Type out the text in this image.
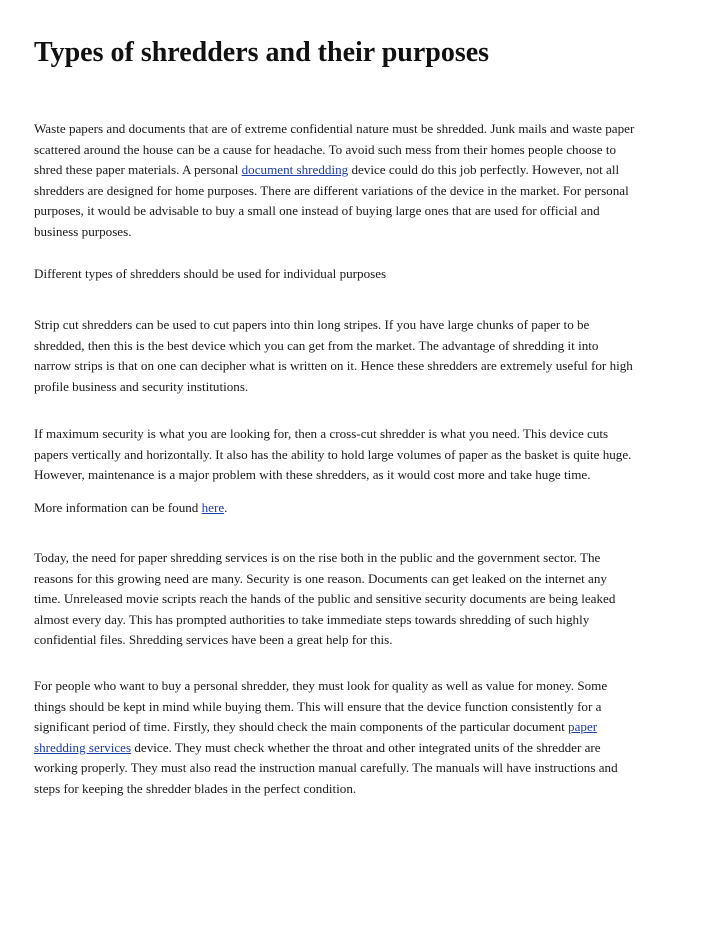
Types of shredders and their purposes

Waste papers and documents that are of extreme confidential nature must be shredded. Junk mails and waste paper
scattered around the house can be a cause for headache. To avoid such mess from their homes people choose to
shred these paper materials. A personal document shredding device could do this job perfectly. However, not all
shredders are designed for home purposes. There are different variations of the device in the market. For personal
purposes, it would be advisable to buy a small one instead of buying large ones that are used for official and
business purposes.

Different types of shredders should be used for individual purposes

Strip cut shredders can be used to cut papers into thin long stripes. If you have large chunks of paper to be
shredded, then this is the best device which you can get from the market. The advantage of shredding it into
narrow strips is that on one can decipher what is written on it. Hence these shredders are extremely useful for high
profile business and security institutions.

If maximum security is what you are looking for, then a cross-cut shredder is what you need. This device cuts
papers vertically and horizontally. It also has the ability to hold large volumes of paper as the basket is quite huge.
However, maintenance is a major problem with these shredders, as it would cost more and take huge time.

More information can be found here.

Today, the need for paper shredding services is on the rise both in the public and the government sector. The
reasons for this growing need are many. Security is one reason. Documents can get leaked on the internet any
time. Unreleased movie scripts reach the hands of the public and sensitive security documents are being leaked
almost every day. This has prompted authorities to take immediate steps towards shredding of such highly
confidential files. Shredding services have been a great help for this.

For people who want to buy a personal shredder, they must look for quality as well as value for money. Some
things should be kept in mind while buying them. This will ensure that the device function consistently for a
significant period of time. Firstly, they should check the main components of the particular document paper
shredding services device. They must check whether the throat and other integrated units of the shredder are
working properly. They must also read the instruction manual carefully. The manuals will have instructions and
steps for keeping the shredder blades in the perfect condition.
